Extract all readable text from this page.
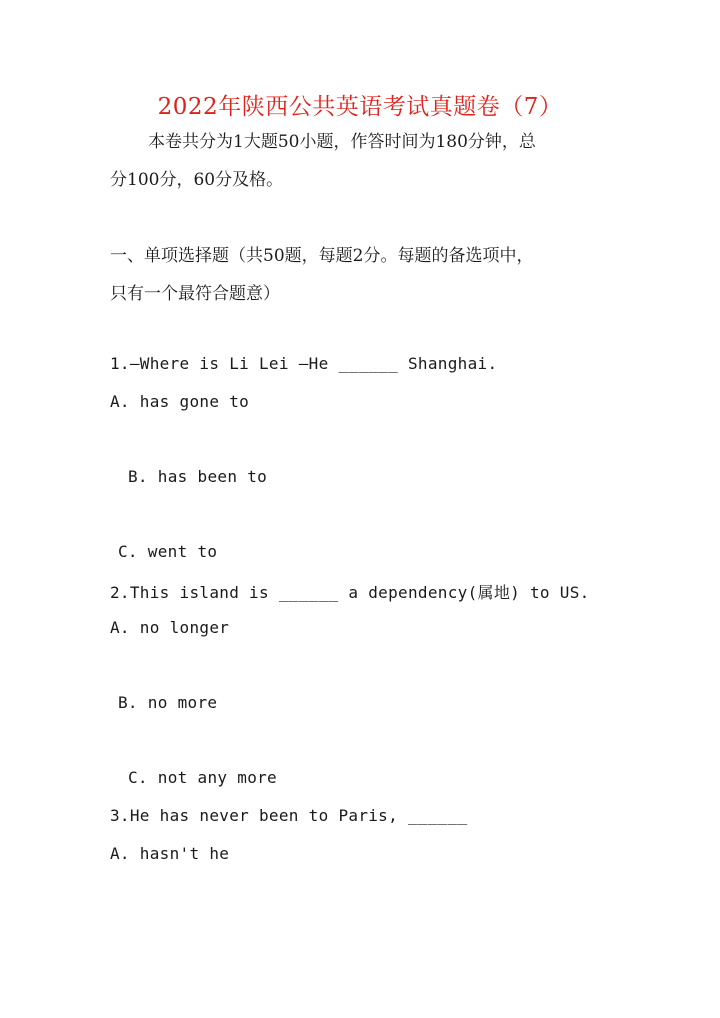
2022年陕西公共英语考试真题卷（7）

本卷共分为1大题50小题，作答时间为180分钟，总

分100分，60分及格。

一、单项选择题（共50题，每题2分。每题的备选项中，

只有一个最符合题意）

1.—Where is Li Lei —He ______ Shanghai.

A. has gone to

B. has been to

C. went to

2.This island is ______ a dependency(属地) to US.

A. no longer

B. no more

C. not any more

3.He has never been to Paris, ______

A. hasn't he
